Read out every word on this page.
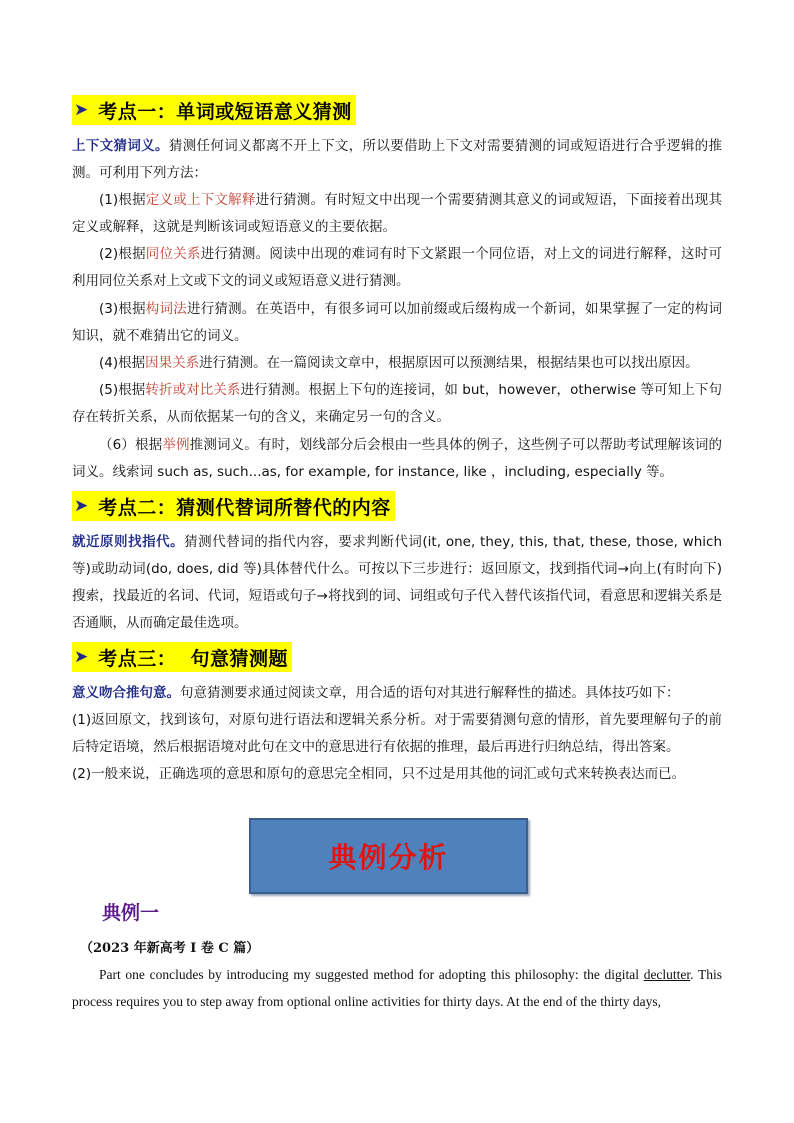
➤ 考点一：单词或短语意义猜测
上下文猜词义。猜测任何词义都离不开上下文，所以要借助上下文对需要猜测的词或短语进行合乎逻辑的推测。可利用下列方法：
(1)根据定义或上下文解释进行猜测。有时短文中出现一个需要猜测其意义的词或短语，下面接着出现其定义或解释，这就是判断该词或短语意义的主要依据。
(2)根据同位关系进行猜测。阅读中出现的难词有时下文紧跟一个同位语，对上文的词进行解释，这时可利用同位关系对上文或下文的词义或短语意义进行猜测。
(3)根据构词法进行猜测。在英语中，有很多词可以加前缀或后缀构成一个新词，如果掌握了一定的构词知识，就不难猜出它的词义。
(4)根据因果关系进行猜测。在一篇阅读文章中，根据原因可以预测结果，根据结果也可以找出原因。
(5)根据转折或对比关系进行猜测。根据上下句的连接词，如 but，however，otherwise 等可知上下句存在转折关系，从而依据某一句的含义，来确定另一句的含义。
（6）根据举例推测词义。有时，划线部分后会根由一些具体的例子，这些例子可以帮助考试理解该词的词义。线索词 such as, such...as, for example, for instance, like ，including, especially 等。
➤ 考点二：猜测代替词所替代的内容
就近原则找指代。猜测代替词的指代内容，要求判断代词(it, one, they, this, that, these, those, which 等)或助动词(do, does, did 等)具体替代什么。可按以下三步进行：返回原文，找到指代词→向上(有时向下)搜索，找最近的名词、代词，短语或句子→将找到的词、词组或句子代入替代该指代词，看意思和逻辑关系是否通顺，从而确定最佳选项。
➤ 考点三：  句意猜测题
意义吻合推句意。句意猜测要求通过阅读文章，用合适的语句对其进行解释性的描述。具体技巧如下：
(1)返回原文，找到该句，对原句进行语法和逻辑关系分析。对于需要猜测句意的情形，首先要理解句子的前后特定语境，然后根据语境对此句在文中的意思进行有依据的推理，最后再进行归纳总结，得出答案。
(2)一般来说，正确选项的意思和原句的意思完全相同，只不过是用其他的词汇或句式来转换表达而已。
典例分析
典例一
（2023 年新高考 I 卷 C 篇）
Part one concludes by introducing my suggested method for adopting this philosophy: the digital declutter. This process requires you to step away from optional online activities for thirty days. At the end of the thirty days,
